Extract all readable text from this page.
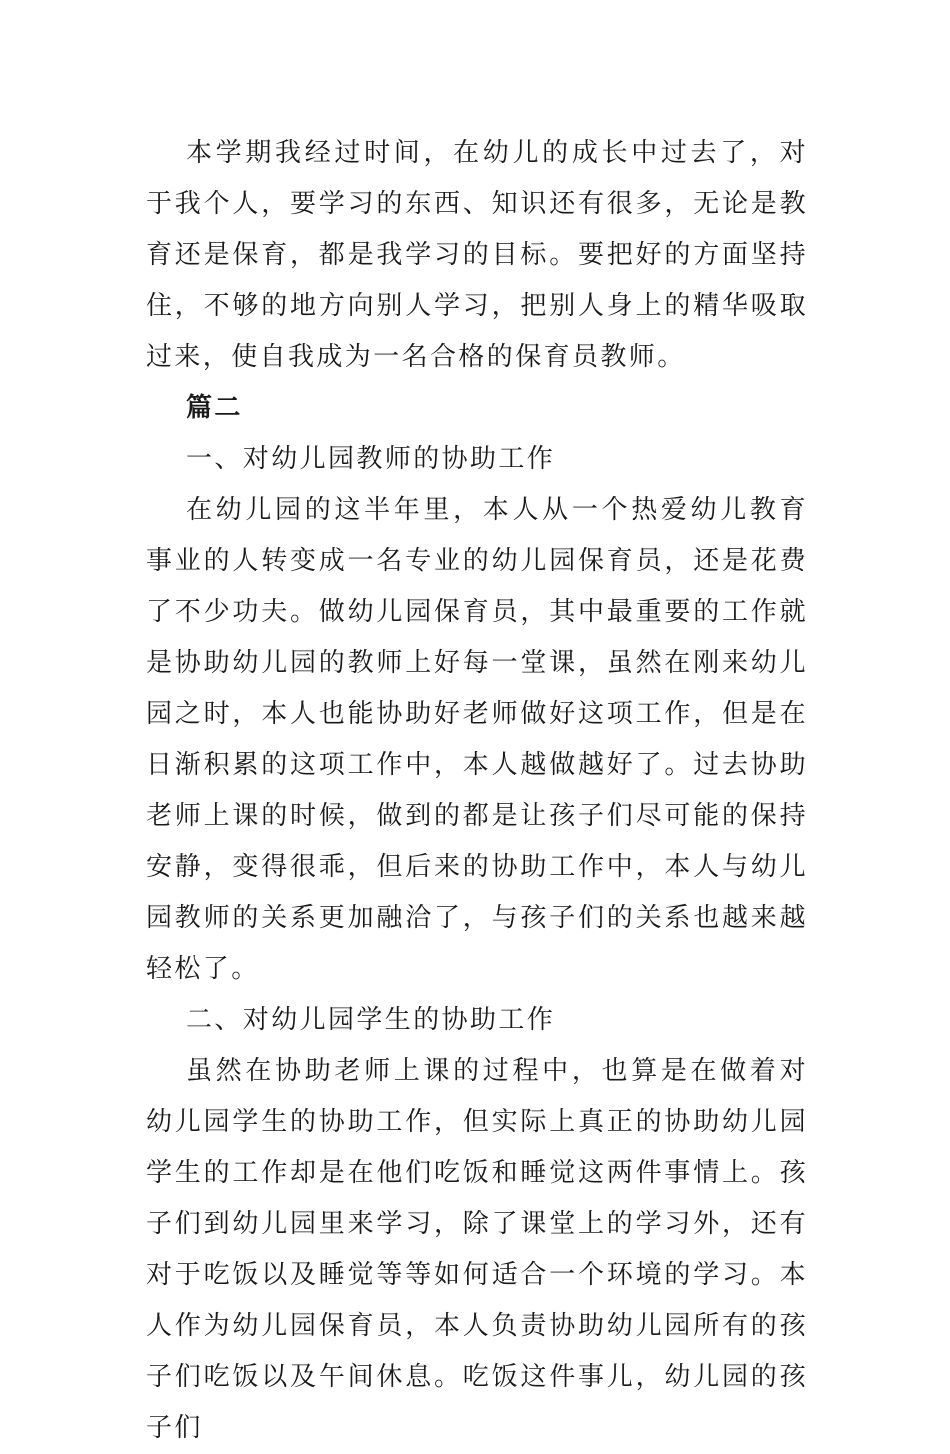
本学期我经过时间，在幼儿的成长中过去了，对于我个人，要学习的东西、知识还有很多，无论是教育还是保育，都是我学习的目标。要把好的方面坚持住，不够的地方向别人学习，把别人身上的精华吸取过来，使自我成为一名合格的保育员教师。

篇二

一、对幼儿园教师的协助工作

在幼儿园的这半年里，本人从一个热爱幼儿教育事业的人转变成一名专业的幼儿园保育员，还是花费了不少功夫。做幼儿园保育员，其中最重要的工作就是协助幼儿园的教师上好每一堂课，虽然在刚来幼儿园之时，本人也能协助好老师做好这项工作，但是在日渐积累的这项工作中，本人越做越好了。过去协助老师上课的时候，做到的都是让孩子们尽可能的保持安静，变得很乖，但后来的协助工作中，本人与幼儿园教师的关系更加融洽了，与孩子们的关系也越来越轻松了。

二、对幼儿园学生的协助工作

虽然在协助老师上课的过程中，也算是在做着对幼儿园学生的协助工作，但实际上真正的协助幼儿园学生的工作却是在他们吃饭和睡觉这两件事情上。孩子们到幼儿园里来学习，除了课堂上的学习外，还有对于吃饭以及睡觉等等如何适合一个环境的学习。本人作为幼儿园保育员，本人负责协助幼儿园所有的孩子们吃饭以及午间休息。吃饭这件事儿，幼儿园的孩子们
